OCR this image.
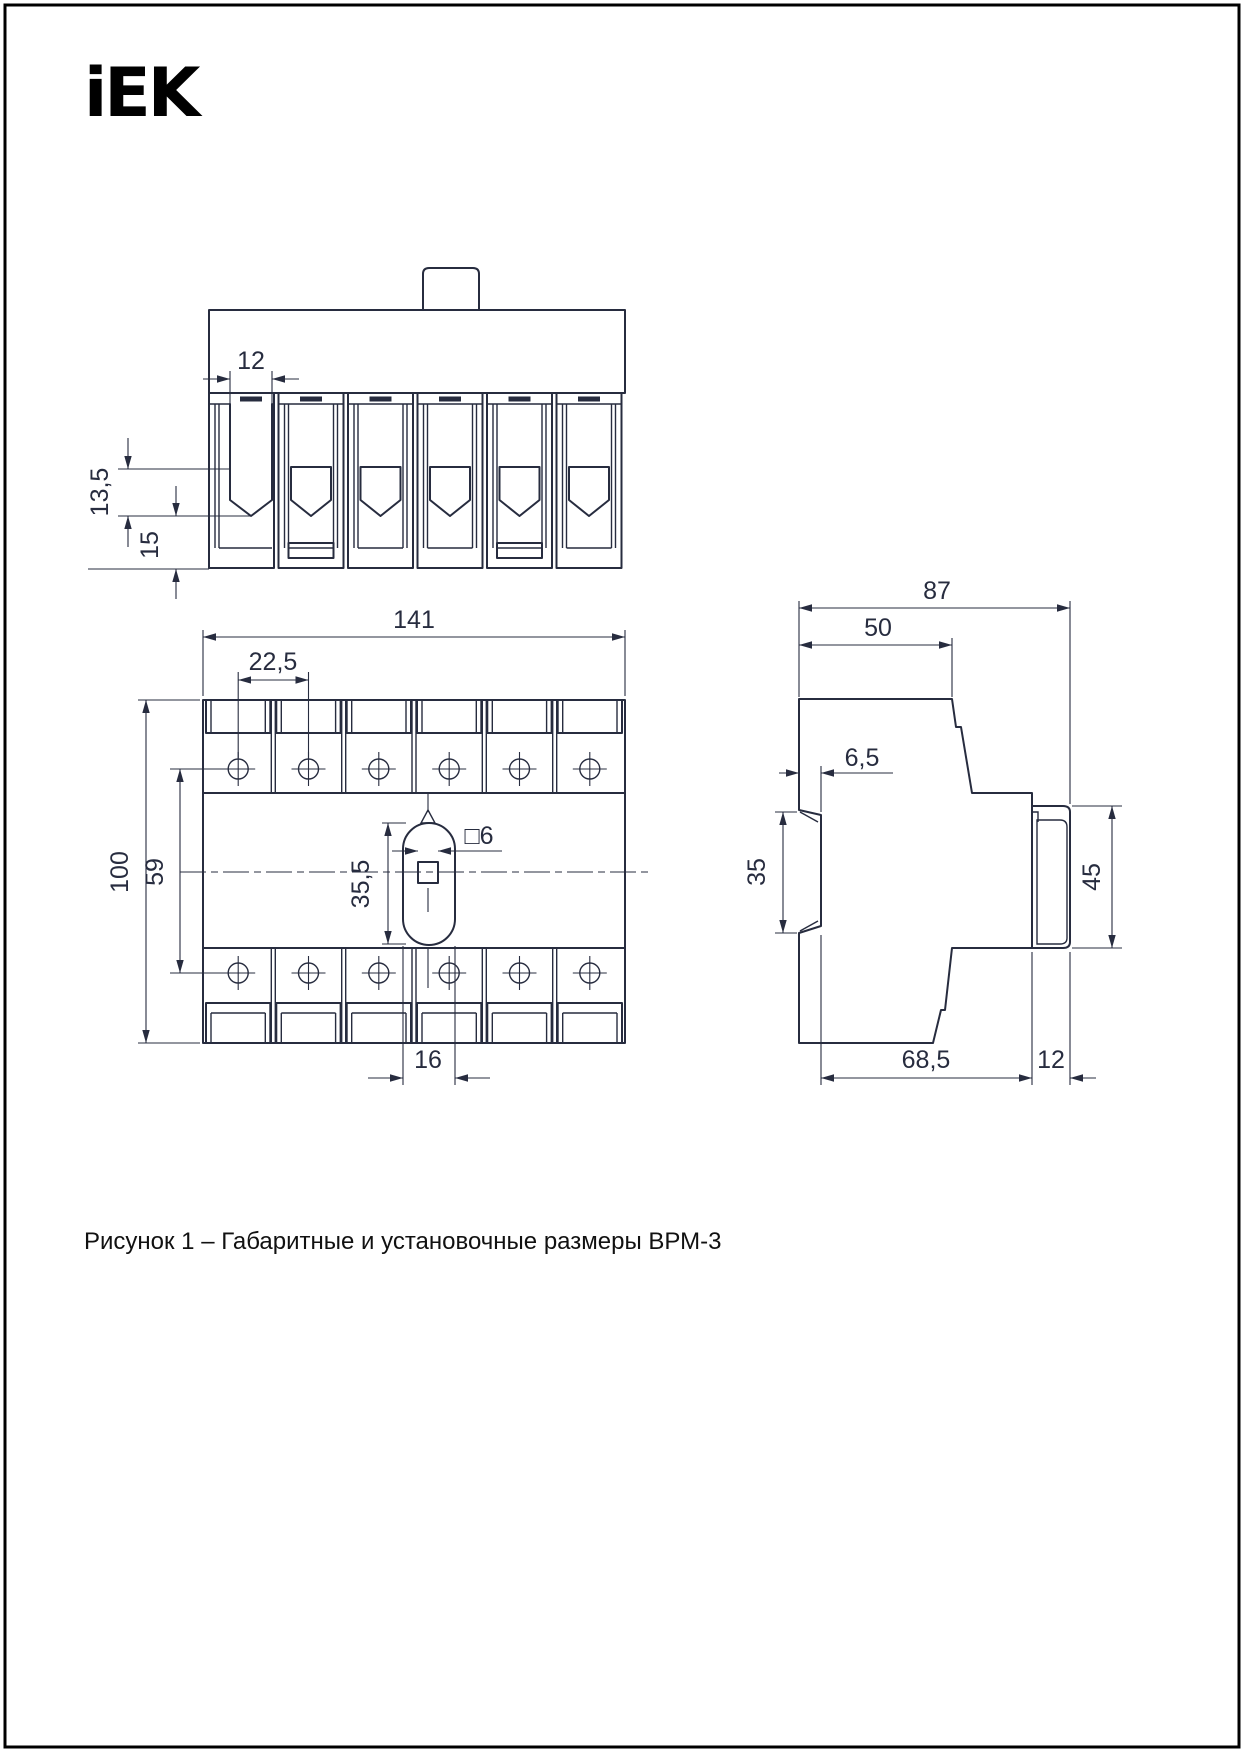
iEK
12
13,5
15
141
22,5
100 59	35,5
□6
16
87
50
6,5
35	45
68,5	12
Рисунок 1 – Габаритные и установочные размеры ВРМ-3
